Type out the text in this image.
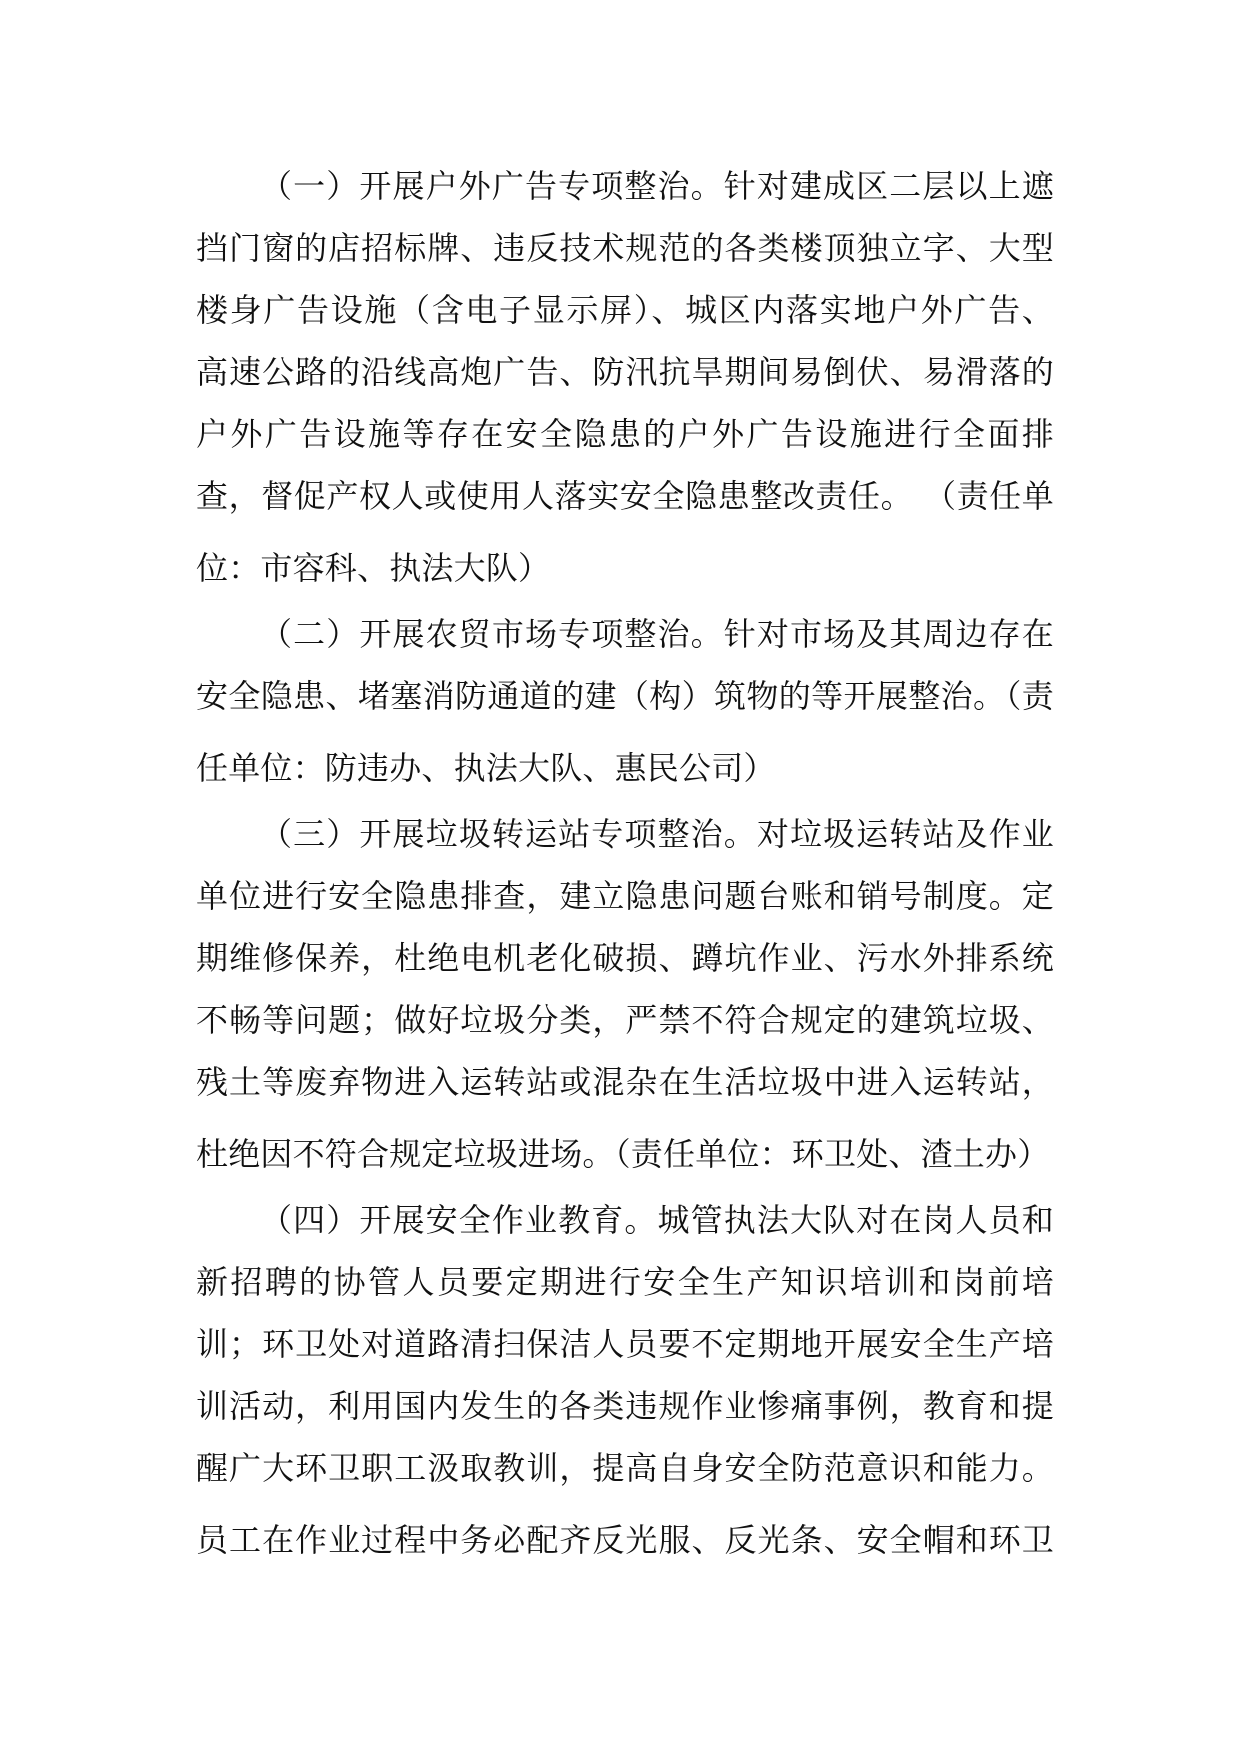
（一）开展户外广告专项整治。针对建成区二层以上遮
挡门窗的店招标牌、违反技术规范的各类楼顶独立字、大型
楼身广告设施（含电子显示屏）、城区内落实地户外广告、
高速公路的沿线高炮广告、防汛抗旱期间易倒伏、易滑落的
户外广告设施等存在安全隐患的户外广告设施进行全面排
查，督促产权人或使用人落实安全隐患整改责任。 （责任单
位：市容科、执法大队）
（二）开展农贸市场专项整治。针对市场及其周边存在
安全隐患、堵塞消防通道的建（构）筑物的等开展整治。（责
任单位：防违办、执法大队、惠民公司）
（三）开展垃圾转运站专项整治。对垃圾运转站及作业
单位进行安全隐患排查，建立隐患问题台账和销号制度。定
期维修保养，杜绝电机老化破损、蹲坑作业、污水外排系统
不畅等问题；做好垃圾分类，严禁不符合规定的建筑垃圾、
残土等废弃物进入运转站或混杂在生活垃圾中进入运转站，
杜绝因不符合规定垃圾进场。（责任单位：环卫处、渣土办）
（四）开展安全作业教育。城管执法大队对在岗人员和
新招聘的协管人员要定期进行安全生产知识培训和岗前培
训；环卫处对道路清扫保洁人员要不定期地开展安全生产培
训活动，利用国内发生的各类违规作业惨痛事例，教育和提
醒广大环卫职工汲取教训，提高自身安全防范意识和能力。
员工在作业过程中务必配齐反光服、反光条、安全帽和环卫
